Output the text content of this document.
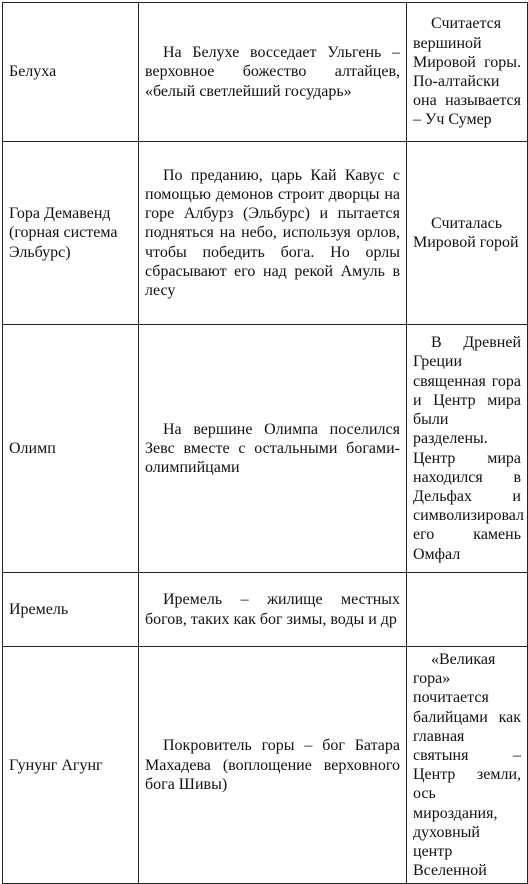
Белуха	На Белухе восседает Ульгень – верховное божество алтайцев, «белый светлейший государь»	Считается вершиной Мировой горы. По-алтайски она называется – Уч Сумер

Гора Демавенд (горная система Эльбурс)	По преданию, царь Кай Кавус с помощью демонов строит дворцы на горе Албурз (Эльбурс) и пытается подняться на небо, используя орлов, чтобы победить бога. Но орлы сбрасывают его над рекой Амуль в лесу	Считалась Мировой горой

Олимп	На вершине Олимпа поселился Зевс вместе с остальными богами-олимпийцами	В Древней Греции священная гора и Центр мира были разделены. Центр мира находился в Дельфах и символизировал его камень Омфал

Иремель	Иремель – жилище местных богов, таких как бог зимы, воды и др	

Гунунг Агунг	Покровитель горы – бог Батара Махадева (воплощение верховного бога Шивы)	«Великая гора» почитается балийцами как главная святыня – Центр земли, ось мироздания, духовный центр Вселенной
